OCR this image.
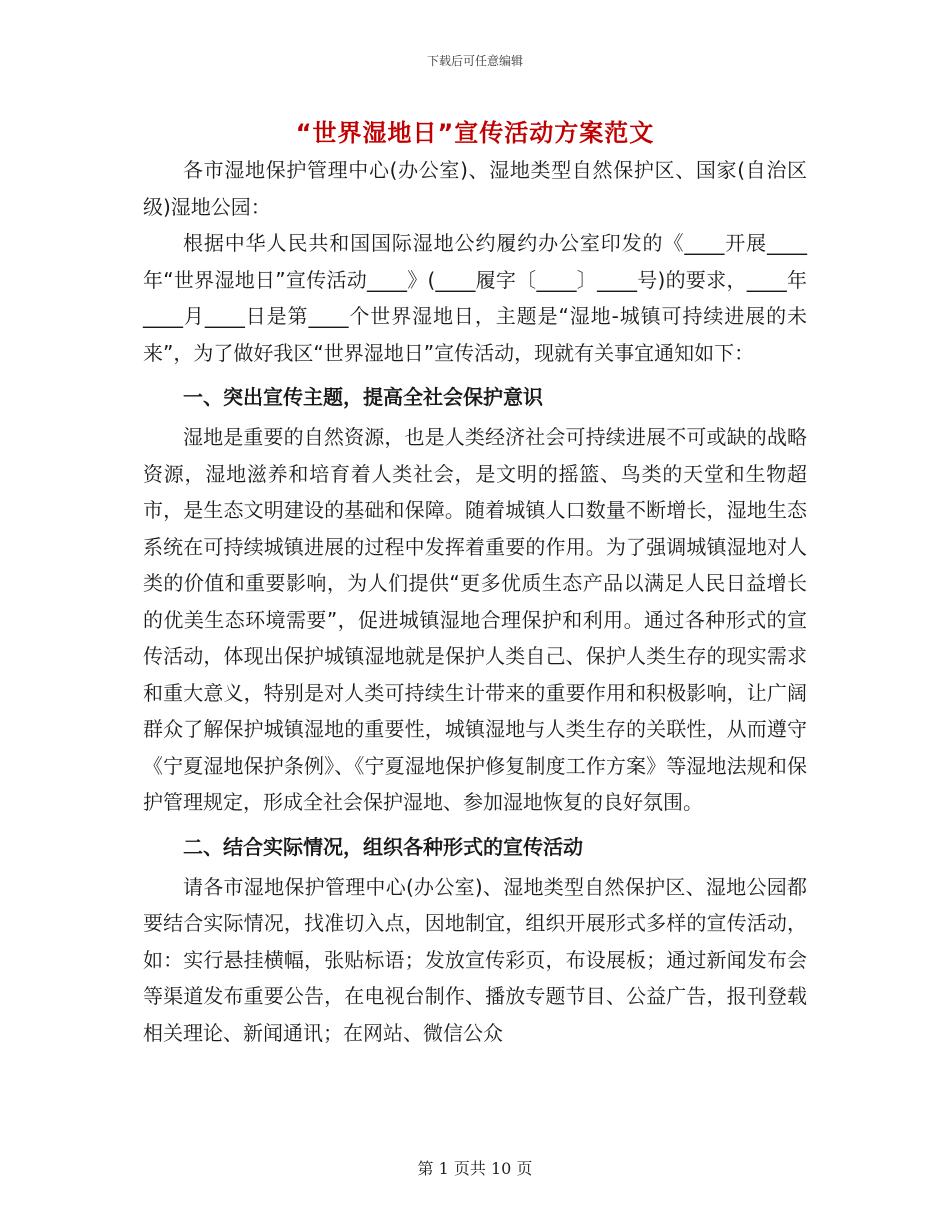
下载后可任意编辑
“世界湿地日”宣传活动方案范文

各市湿地保护管理中心(办公室)、湿地类型自然保护区、国家(自治区级)湿地公园：

根据中华人民共和国国际湿地公约履约办公室印发的《____开展____年“世界湿地日”宣传活动____》(____履字〔____〕____号)的要求，____年____月____日是第____个世界湿地日，主题是“湿地-城镇可持续进展的未来”，为了做好我区“世界湿地日”宣传活动，现就有关事宜通知如下：

一、突出宣传主题，提高全社会保护意识

湿地是重要的自然资源，也是人类经济社会可持续进展不可或缺的战略资源，湿地滋养和培育着人类社会，是文明的摇篮、鸟类的天堂和生物超市，是生态文明建设的基础和保障。随着城镇人口数量不断增长，湿地生态系统在可持续城镇进展的过程中发挥着重要的作用。为了强调城镇湿地对人类的价值和重要影响，为人们提供“更多优质生态产品以满足人民日益增长的优美生态环境需要”，促进城镇湿地合理保护和利用。通过各种形式的宣传活动，体现出保护城镇湿地就是保护人类自己、保护人类生存的现实需求和重大意义，特别是对人类可持续生计带来的重要作用和积极影响，让广阔群众了解保护城镇湿地的重要性，城镇湿地与人类生存的关联性，从而遵守《宁夏湿地保护条例》、《宁夏湿地保护修复制度工作方案》等湿地法规和保护管理规定，形成全社会保护湿地、参加湿地恢复的良好氛围。

二、结合实际情况，组织各种形式的宣传活动

请各市湿地保护管理中心(办公室)、湿地类型自然保护区、湿地公园都要结合实际情况，找准切入点，因地制宜，组织开展形式多样的宣传活动，如：实行悬挂横幅，张贴标语；发放宣传彩页，布设展板；通过新闻发布会等渠道发布重要公告，在电视台制作、播放专题节目、公益广告，报刊登载相关理论、新闻通讯；在网站、微信公众

第 1 页共 10 页
